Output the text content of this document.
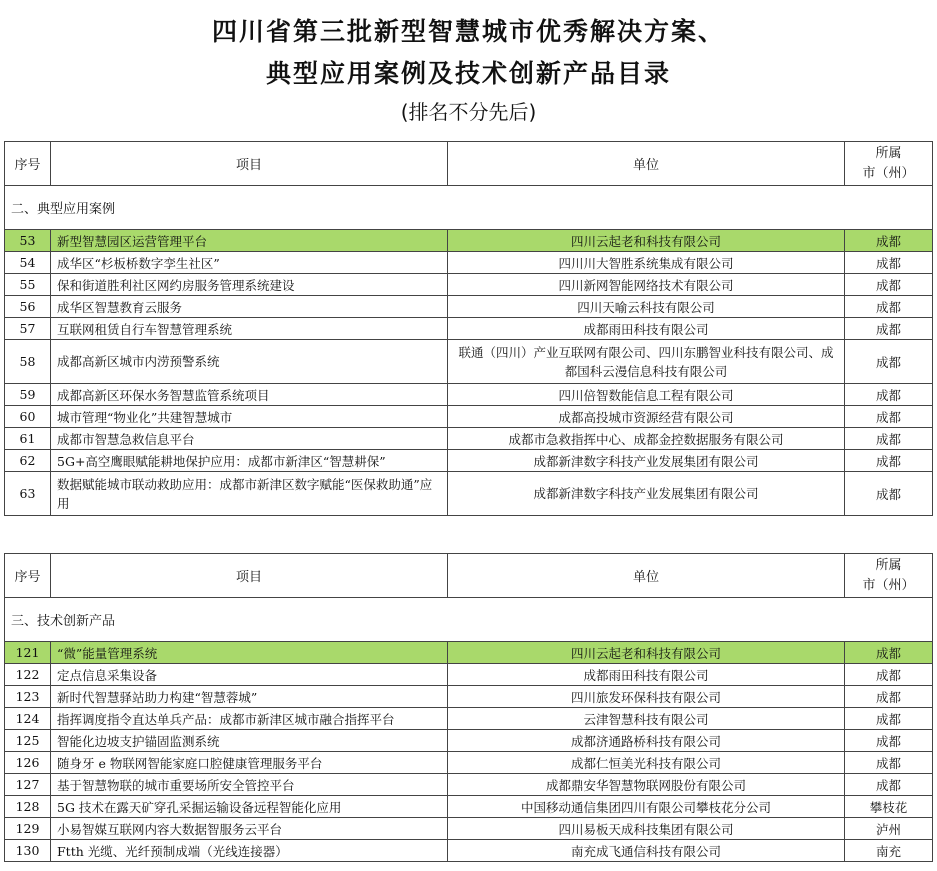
四川省第三批新型智慧城市优秀解决方案、
典型应用案例及技术创新产品目录
(排名不分先后)
序号	项目	单位	所属
市（州）
二、典型应用案例			
53	新型智慧园区运营管理平台	四川云起老和科技有限公司	成都
54	成华区“杉板桥数字孪生社区”	四川川大智胜系统集成有限公司	成都
55	保和街道胜利社区网约房服务管理系统建设	四川新网智能网络技术有限公司	成都
56	成华区智慧教育云服务	四川天喻云科技有限公司	成都
57	互联网租赁自行车智慧管理系统	成都雨田科技有限公司	成都
58	成都高新区城市内涝预警系统	联通（四川）产业互联网有限公司、四川东鹏智业科技有限公司、成都国科云漫信息科技有限公司	成都
59	成都高新区环保水务智慧监管系统项目	四川倍智数能信息工程有限公司	成都
60	城市管理“物业化”共建智慧城市	成都高投城市资源经营有限公司	成都
61	成都市智慧急救信息平台	成都市急救指挥中心、成都金控数据服务有限公司	成都
62	5G+高空鹰眼赋能耕地保护应用：成都市新津区“智慧耕保”	成都新津数字科技产业发展集团有限公司	成都
63	数据赋能城市联动救助应用：成都市新津区数字赋能“医保救助通”应用	成都新津数字科技产业发展集团有限公司	成都
序号	项目	单位	所属
市（州）
三、技术创新产品			
121	“微”能量管理系统	四川云起老和科技有限公司	成都
122	定点信息采集设备	成都雨田科技有限公司	成都
123	新时代智慧驿站助力构建“智慧蓉城”	四川旅发环保科技有限公司	成都
124	指挥调度指令直达单兵产品：成都市新津区城市融合指挥平台	云津智慧科技有限公司	成都
125	智能化边坡支护锚固监测系统	成都济通路桥科技有限公司	成都
126	随身牙 e 物联网智能家庭口腔健康管理服务平台	成都仁恒美光科技有限公司	成都
127	基于智慧物联的城市重要场所安全管控平台	成都鼎安华智慧物联网股份有限公司	成都
128	5G 技术在露天矿穿孔采掘运输设备远程智能化应用	中国移动通信集团四川有限公司攀枝花分公司	攀枝花
129	小易智媒互联网内容大数据智服务云平台	四川易板天成科技集团有限公司	泸州
130	Ftth 光缆、光纤预制成端（光线连接器）	南充成飞通信科技有限公司	南充
